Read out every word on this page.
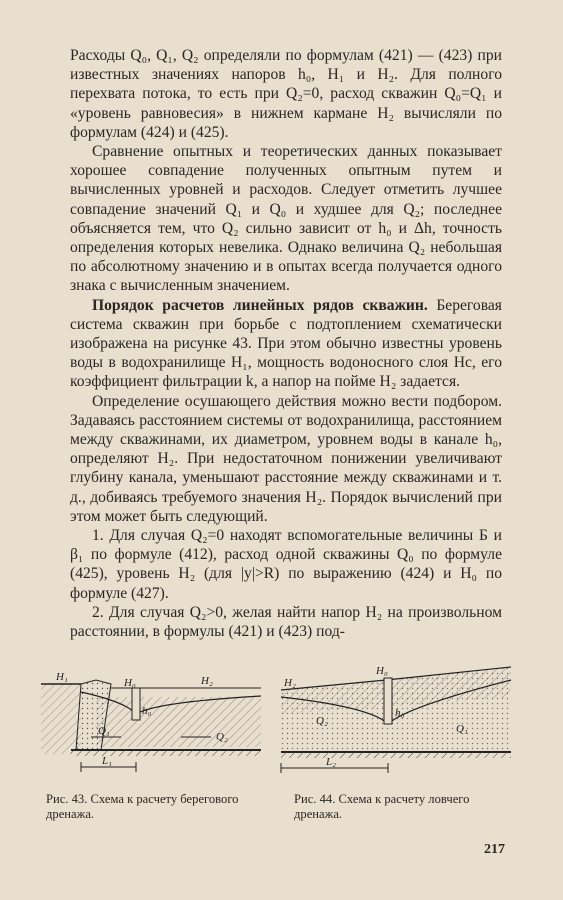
Расходы Q₀, Q₁, Q₂ определяли по формулам (421) — (423) при известных значениях напоров h₀, H₁ и H₂. Для полного перехвата потока, то есть при Q₂=0, расход скважин Q₀=Q₁ и «уровень равновесия» в нижнем кармане H₂ вычисляли по формулам (424) и (425).

Сравнение опытных и теоретических данных показывает хорошее совпадение полученных опытным путем и вычисленных уровней и расходов. Следует отметить лучшее совпадение значений Q₁ и Q₀ и худшее для Q₂; последнее объясняется тем, что Q₂ сильно зависит от h₀ и Δh, точность определения которых невелика. Однако величина Q₂ небольшая по абсолютному значению и в опытах всегда получается одного знака с вычисленным значением.

Порядок расчетов линейных рядов скважин. Береговая система скважин при борьбе с подтоплением схематически изображена на рисунке 43. При этом обычно известны уровень воды в водохранилище H₁, мощность водоносного слоя Hс, его коэффициент фильтрации k, а напор на пойме H₂ задается.

Определение осушающего действия можно вести подбором. Задаваясь расстоянием системы от водохранилища, расстоянием между скважинами, их диаметром, уровнем воды в канале h₀, определяют H₂. При недостаточном понижении увеличивают глубину канала, уменьшают расстояние между скважинами и т. д., добиваясь требуемого значения H₂. Порядок вычислений при этом может быть следующий.

1. Для случая Q₂=0 находят вспомогательные величины Б и β₁ по формуле (412), расход одной скважины Q₀ по формуле (425), уровень H₂ (для |y|>R) по выражению (424) и H₀ по формуле (427).

2. Для случая Q₂>0, желая найти напор H₂ на произвольном расстоянии, в формулы (421) и (423) под-

H₁	H₀	H₂
h₀
Q₁	Q₂
L₁
H₂
H₀
h₀
Q₂
Q₁
L₂
Рис. 43. Схема к расчету берегового дренажа.
Рис. 44. Схема к расчету ловчего дренажа.
217
